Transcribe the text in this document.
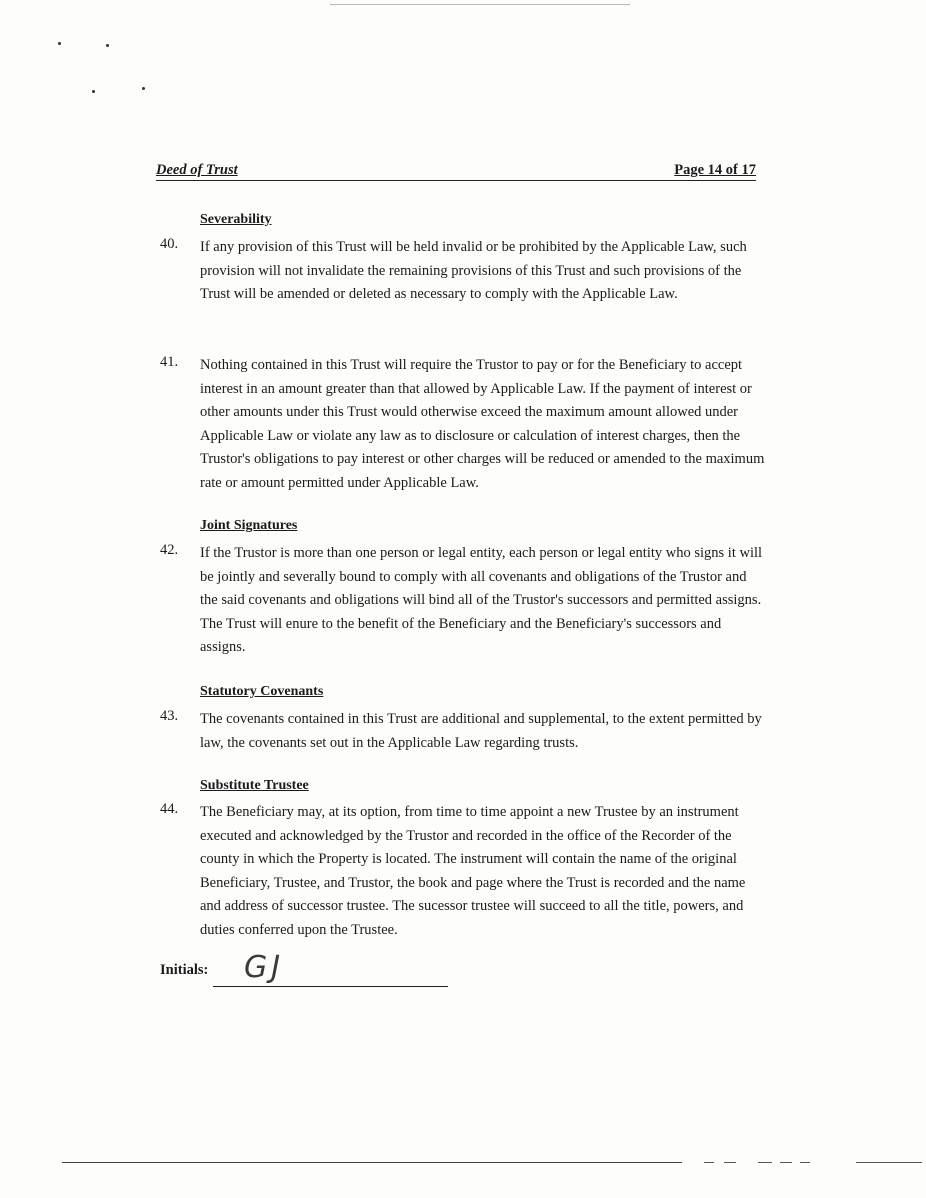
Deed of Trust	Page 14 of 17
Severability
40. If any provision of this Trust will be held invalid or be prohibited by the Applicable Law, such provision will not invalidate the remaining provisions of this Trust and such provisions of the Trust will be amended or deleted as necessary to comply with the Applicable Law.

41. Nothing contained in this Trust will require the Trustor to pay or for the Beneficiary to accept interest in an amount greater than that allowed by Applicable Law. If the payment of interest or other amounts under this Trust would otherwise exceed the maximum amount allowed under Applicable Law or violate any law as to disclosure or calculation of interest charges, then the Trustor's obligations to pay interest or other charges will be reduced or amended to the maximum rate or amount permitted under Applicable Law.

Joint Signatures
42. If the Trustor is more than one person or legal entity, each person or legal entity who signs it will be jointly and severally bound to comply with all covenants and obligations of the Trustor and the said covenants and obligations will bind all of the Trustor's successors and permitted assigns. The Trust will enure to the benefit of the Beneficiary and the Beneficiary's successors and assigns.

Statutory Covenants
43. The covenants contained in this Trust are additional and supplemental, to the extent permitted by law, the covenants set out in the Applicable Law regarding trusts.

Substitute Trustee
44. The Beneficiary may, at its option, from time to time appoint a new Trustee by an instrument executed and acknowledged by the Trustor and recorded in the office of the Recorder of the county in which the Property is located. The instrument will contain the name of the original Beneficiary, Trustee, and Trustor, the book and page where the Trust is recorded and the name and address of successor trustee. The sucessor trustee will succeed to all the title, powers, and duties conferred upon the Trustee.

Initials: GJ
